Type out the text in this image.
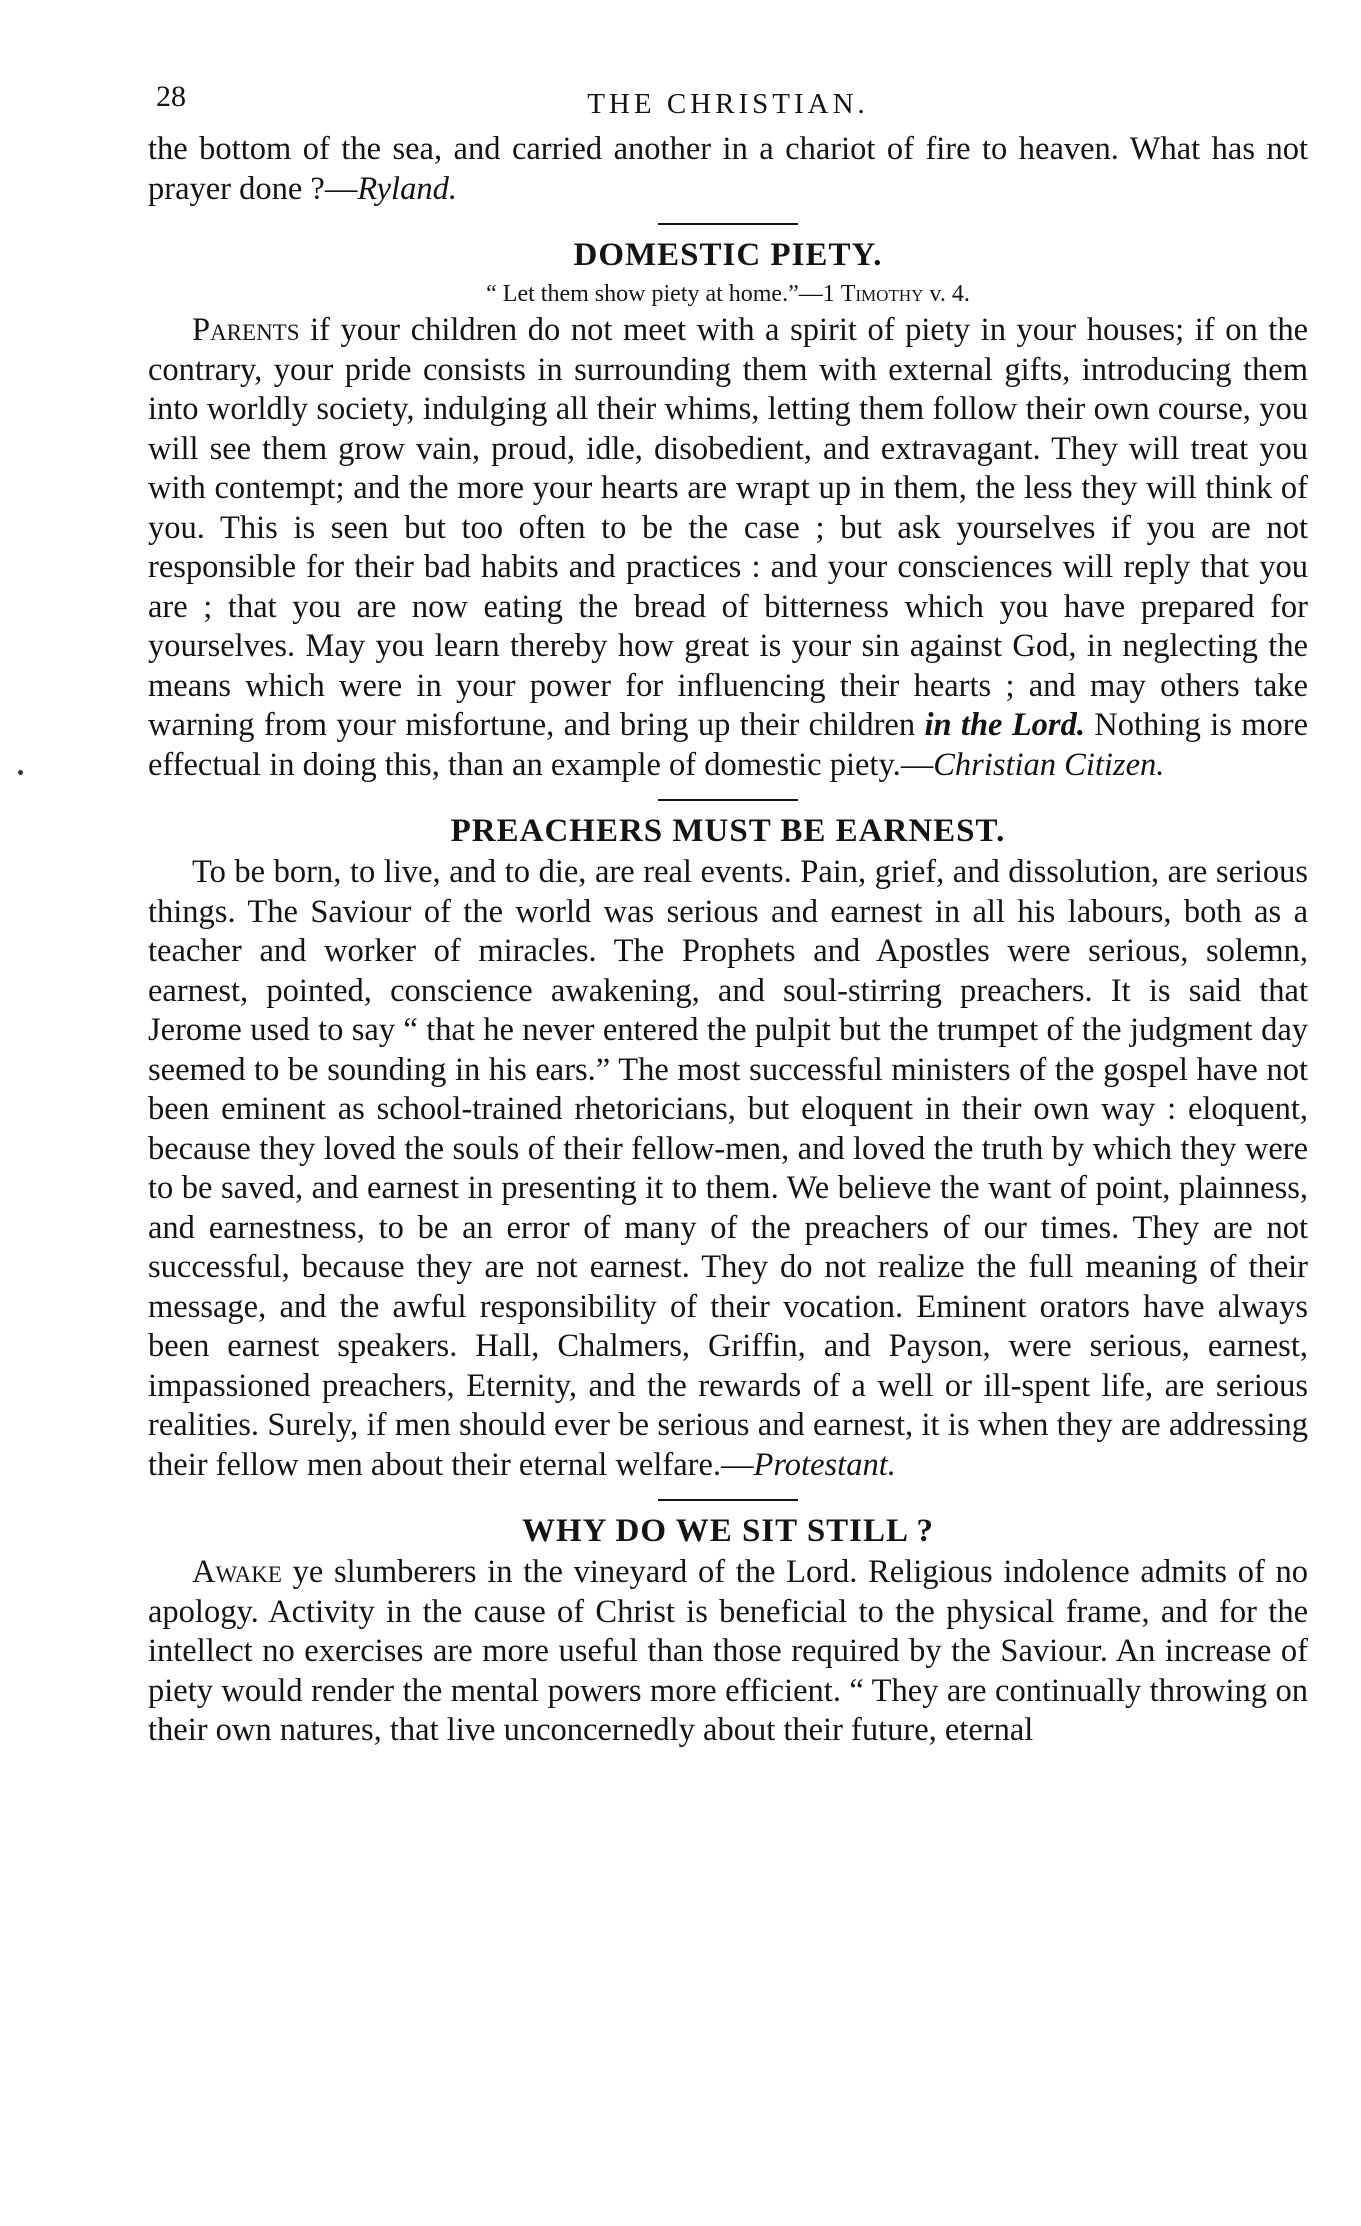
28	THE CHRISTIAN.

the bottom of the sea, and carried another in a chariot of fire to heaven. What has not prayer done ?—Ryland.

DOMESTIC PIETY.
“ Let them show piety at home.”—1 Timothy v. 4.

Parents if your children do not meet with a spirit of piety in your houses; if on the contrary, your pride consists in surrounding them with external gifts, introducing them into worldly society, indulging all their whims, letting them follow their own course, you will see them grow vain, proud, idle, disobedient, and extravagant. They will treat you with contempt; and the more your hearts are wrapt up in them, the less they will think of you. This is seen but too often to be the case ; but ask yourselves if you are not responsible for their bad habits and practices : and your consciences will reply that you are ; that you are now eating the bread of bitterness which you have prepared for yourselves. May you learn thereby how great is your sin against God, in neglecting the means which were in your power for influencing their hearts ; and may others take warning from your misfortune, and bring up their children in the Lord. Nothing is more effectual in doing this, than an example of domestic piety.—Christian Citizen.

PREACHERS MUST BE EARNEST.

To be born, to live, and to die, are real events. Pain, grief, and dissolution, are serious things. The Saviour of the world was serious and earnest in all his labours, both as a teacher and worker of miracles. The Prophets and Apostles were serious, solemn, earnest, pointed, conscience awakening, and soul-stirring preachers. It is said that Jerome used to say “ that he never entered the pulpit but the trumpet of the judgment day seemed to be sounding in his ears.” The most successful ministers of the gospel have not been eminent as school-trained rhetoricians, but eloquent in their own way : eloquent, because they loved the souls of their fellow-men, and loved the truth by which they were to be saved, and earnest in presenting it to them. We believe the want of point, plainness, and earnestness, to be an error of many of the preachers of our times. They are not successful, because they are not earnest. They do not realize the full meaning of their message, and the awful responsibility of their vocation. Eminent orators have always been earnest speakers. Hall, Chalmers, Griffin, and Payson, were serious, earnest, impassioned preachers, Eternity, and the rewards of a well or ill-spent life, are serious realities. Surely, if men should ever be serious and earnest, it is when they are addressing their fellow men about their eternal welfare.—Protestant.

WHY DO WE SIT STILL ?

Awake ye slumberers in the vineyard of the Lord. Religious indolence admits of no apology. Activity in the cause of Christ is beneficial to the physical frame, and for the intellect no exercises are more useful than those required by the Saviour. An increase of piety would render the mental powers more efficient. “ They are continually throwing on their own natures, that live unconcernedly about their future, eternal
